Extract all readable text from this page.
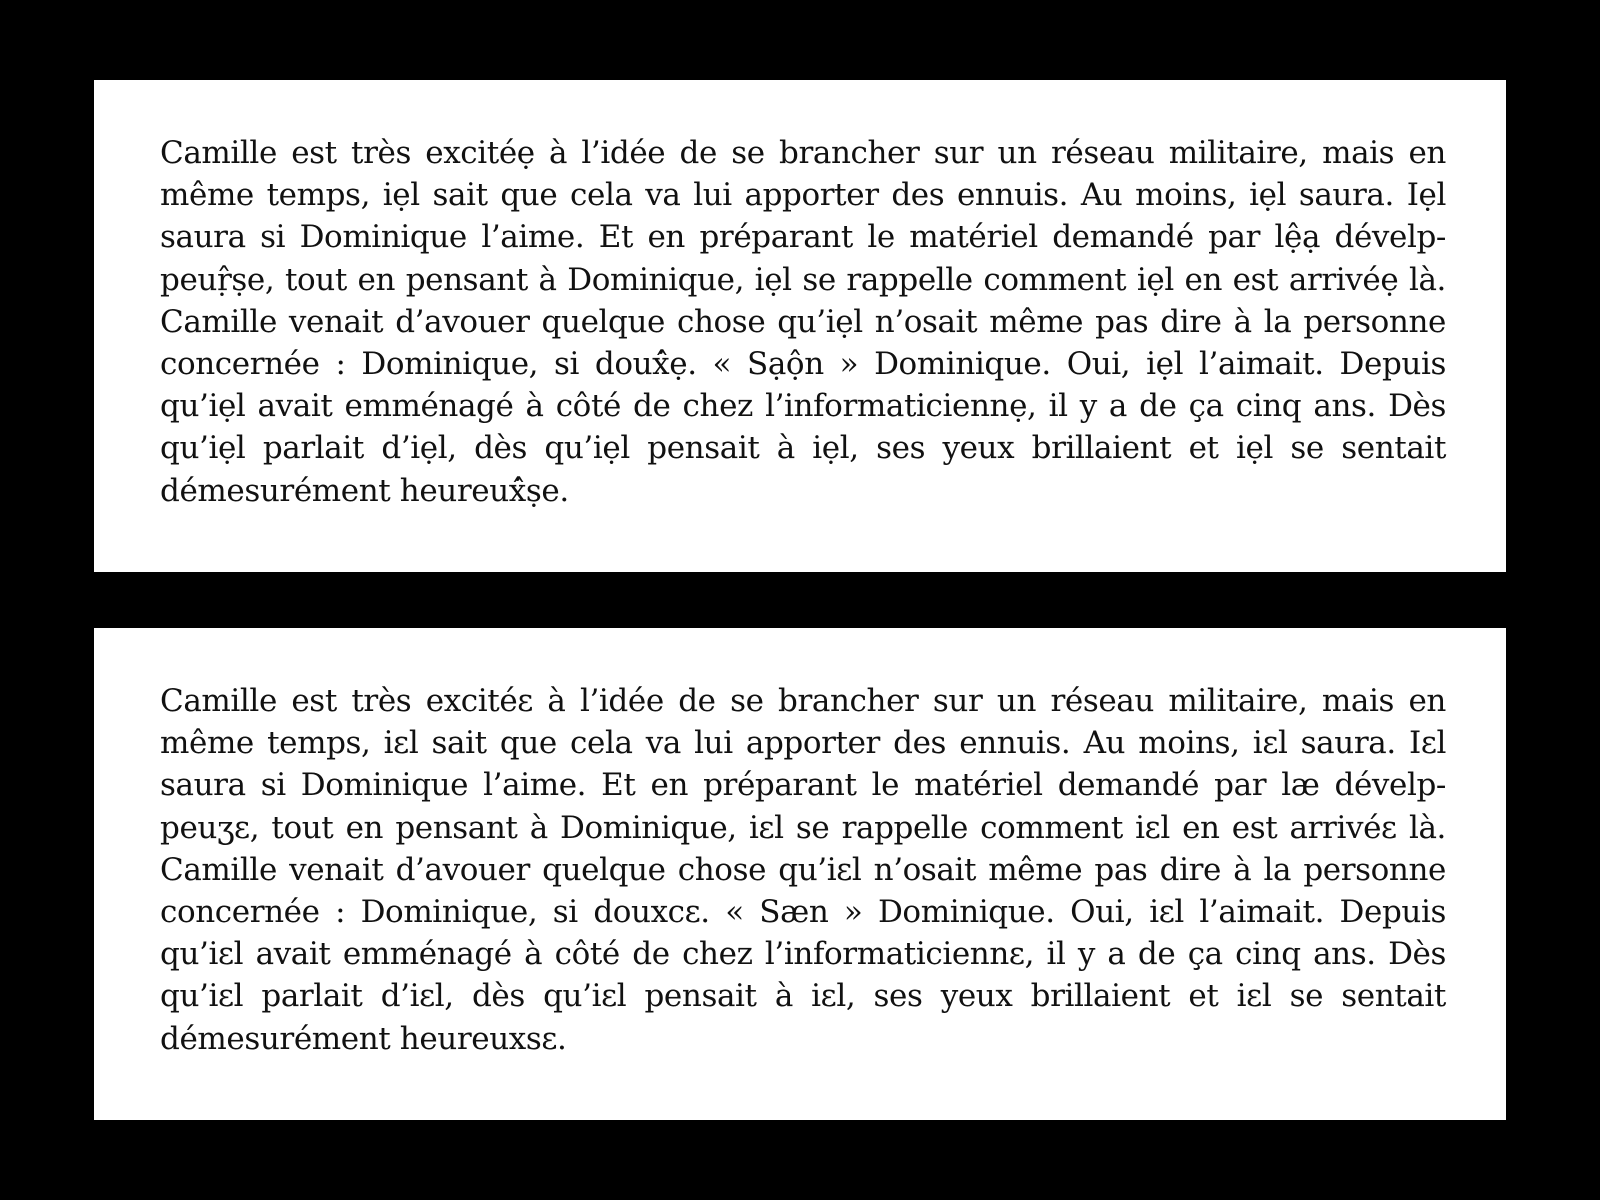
Camille est très excitéẹ à l’idée de se brancher sur un réseau militaire, mais en
même temps, iẹl sait que cela va lui apporter des ennuis. Au moins, iẹl saura. Iẹl
saura si Dominique l’aime. Et en préparant le matériel demandé par lệạ dévelp-
peuṛ̂ṣe, tout en pensant à Dominique, iẹl se rappelle comment iẹl en est arrivéẹ là.
Camille venait d’avouer quelque chose qu’iẹl n’osait même pas dire à la personne
concernée : Dominique, si douẋ̂ẹ. « Sạộn » Dominique. Oui, iẹl l’aimait. Depuis
qu’iẹl avait emménagé à côté de chez l’informaticiennẹ, il y a de ça cinq ans. Dès
qu’iẹl parlait d’iẹl, dès qu’iẹl pensait à iẹl, ses yeux brillaient et iẹl se sentait
démesurément heureuẋ̂ṣe.

Camille est très excitéɛ à l’idée de se brancher sur un réseau militaire, mais en
même temps, iɛl sait que cela va lui apporter des ennuis. Au moins, iɛl saura. Iɛl
saura si Dominique l’aime. Et en préparant le matériel demandé par læ dévelp-
peuʒɛ, tout en pensant à Dominique, iɛl se rappelle comment iɛl en est arrivéɛ là.
Camille venait d’avouer quelque chose qu’iɛl n’osait même pas dire à la personne
concernée : Dominique, si douxcɛ. « Sæn » Dominique. Oui, iɛl l’aimait. Depuis
qu’iɛl avait emménagé à côté de chez l’informaticiennɛ, il y a de ça cinq ans. Dès
qu’iɛl parlait d’iɛl, dès qu’iɛl pensait à iɛl, ses yeux brillaient et iɛl se sentait
démesurément heureuxsɛ.
